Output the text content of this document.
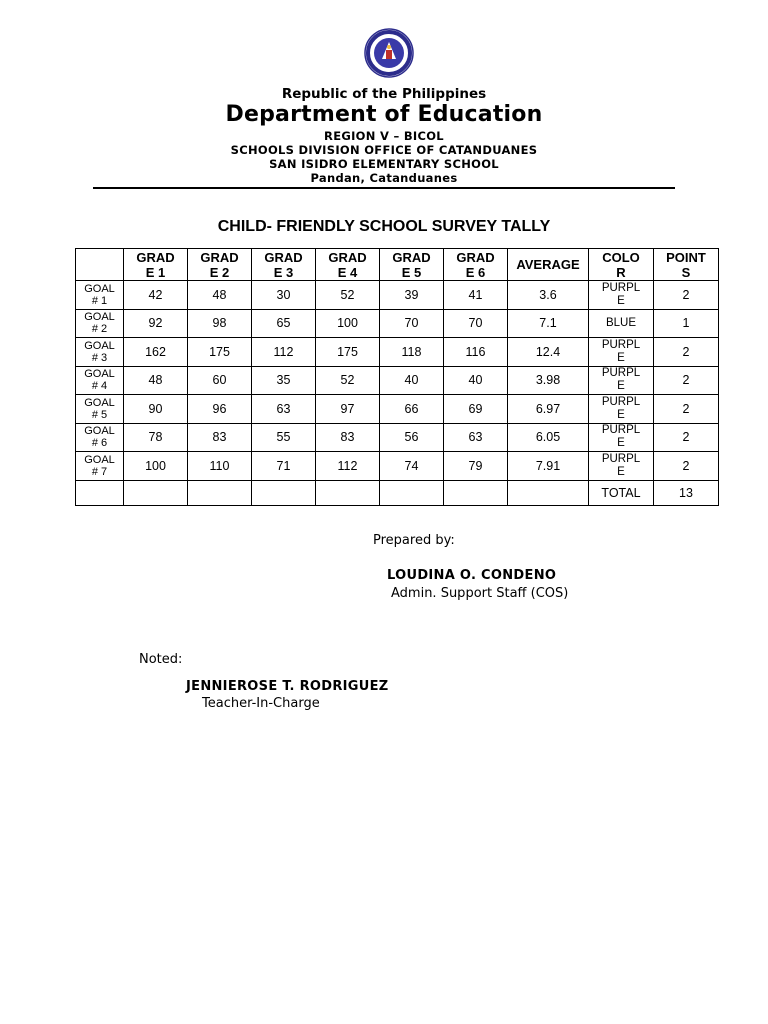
Republic of the Philippines
Department of Education
REGION V – BICOL
SCHOOLS DIVISION OFFICE OF CATANDUANES
SAN ISIDRO ELEMENTARY SCHOOL
Pandan, Catanduanes
CHILD- FRIENDLY SCHOOL SURVEY TALLY
	GRADE 1	GRADE 2	GRADE 3	GRADE 4	GRADE 5	GRADE 6	AVERAGE	COLOR	POINTS
GOAL # 1	42	48	30	52	39	41	3.6	PURPLE	2
GOAL # 2	92	98	65	100	70	70	7.1	BLUE	1
GOAL # 3	162	175	112	175	118	116	12.4	PURPLE	2
GOAL # 4	48	60	35	52	40	40	3.98	PURPLE	2
GOAL # 5	90	96	63	97	66	69	6.97	PURPLE	2
GOAL # 6	78	83	55	83	56	63	6.05	PURPLE	2
GOAL # 7	100	110	71	112	74	79	7.91	PURPLE	2
								TOTAL	13
Prepared by:
LOUDINA O. CONDENO
Admin. Support Staff (COS)
Noted:
JENNIEROSE T. RODRIGUEZ
Teacher-In-Charge
